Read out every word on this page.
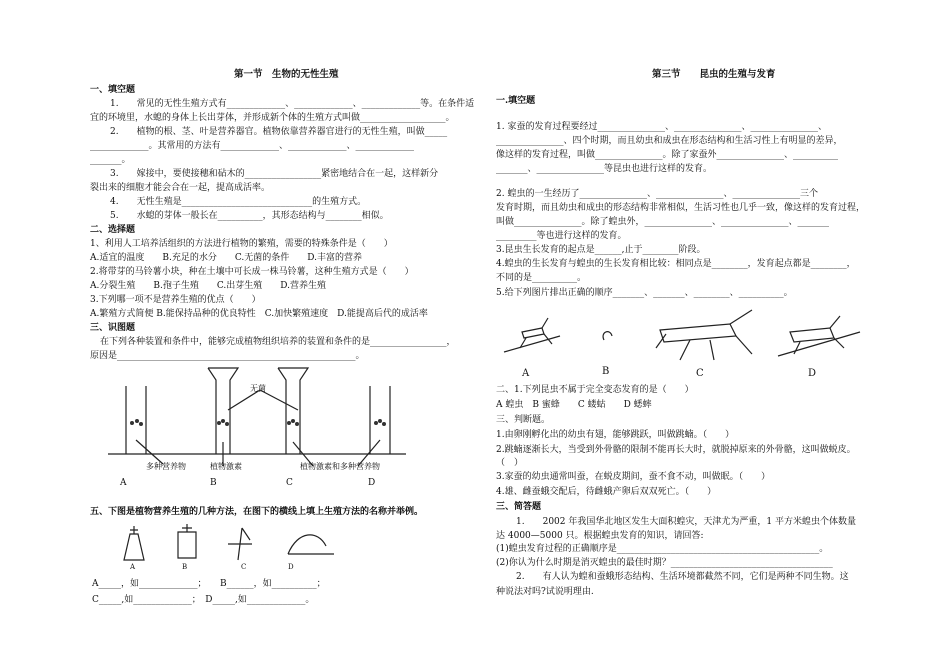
第一节　生物的无性生殖
一、填空题
1.　　常见的无性生殖方式有_____________、_____________、_____________等。在条件适
宜的环境里，水螅的身体上长出芽体，并形成新个体的生殖方式叫做___________________。
2.　　植物的根、茎、叶是营养器官。植物依靠营养器官进行的无性生殖，叫做_____
_____________。其常用的方法有_____________、_____________、_____________
_______。
3.　　嫁接中，要使接穗和砧木的_________________紧密地结合在一起，这样新分
裂出来的细胞才能会合在一起，提高成活率。
4.　　无性生殖是_____________________________的生殖方式。
5.　　水螅的芽体一般长在__________，其形态结构与________相似。
二、选择题
1、利用人工培养活组织的方法进行植物的繁殖，需要的特殊条件是（　　）
A.适宜的温度　　B.充足的水分　　C.无菌的条件　　D.丰富的营养
2.将带芽的马铃薯小块，种在土壤中可长成一株马铃薯，这种生殖方式是（　　）
A.分裂生殖　　B.孢子生殖　　C.出芽生殖　　D.营养生殖
3.下列哪一项不是营养生殖的优点（　　）
A.繁殖方式简便 B.能保持品种的优良特性　C.加快繁殖速度　D.能提高后代的成活率
三、识图题
在下列各种装置和条件中，能够完成植物组织培养的装置和条件的是_________________，
原因是_____________________________________________________。
无菌
多种营养物	植物激素	植物激素和多种营养物
A	B	C	D
五、下图是植物营养生殖的几种方法，在图下的横线上填上生殖方法的名称并举例。
A	B	C	D
A_____，如_____________；　　B______，如__________；
C_____,如_____________；　D_____,如_____________。
第三节　　昆虫的生殖与发育
一.填空题
1. 家蚕的发育过程要经过_______________、_______________、_______________、
_______________、四个时期，而且幼虫和成虫在形态结构和生活习性上有明显的差异，
像这样的发育过程，叫做_______________。除了家蚕外_______________、__________
_______、_______________等昆虫也进行这样的发育。
2. 蝗虫的一生经历了_______________、_______________、_______________三个
发育时期，而且幼虫和成虫的形态结构非常相似，生活习性也几乎一致，像这样的发育过程，
叫做_______________。除了蝗虫外，_______________、_______________、_______
_________等也进行这样的发育。
3.昆虫生长发育的起点是______,止于________阶段。
4.蝗虫的生长发育与蝗虫的生长发育相比较：相同点是________，发育起点都是________，
不同的是__________。
5.给下列图片排出正确的顺序_______、_______、________、__________。
A	B	C	D
二、1.下列昆虫不属于完全变态发育的是（　　）
A 蝗虫　B 蜜蜂　　C 蝼蛄　　D 蟋蟀
三、判断题。
1.由卵刚孵化出的幼虫有翅，能够跳跃，叫做跳蝻。（　　）
2.跳蝻逐渐长大，当受到外骨骼的限制不能再长大时，就脱掉原来的外骨骼，这叫做蜕皮。
（　）
3.家蚕的幼虫通常叫蚕，在蜕皮期间，蚕不食不动，叫做眠。（　　）
4.雄、雌蚕蛾交配后，待雌蛾产卵后双双死亡。（　　）
三、简答题
1.　　2002 年我国华北地区发生大面积蝗灾，天津尤为严重，1 平方米蝗虫个体数量
达 4000—5000 只。根据蝗虫发育的知识，请回答:
(1)蝗虫发育过程的正确顺序是_____________________________________________。
(2)你认为什么时期是消灭蝗虫的最佳时期？____________________________________
2.　　有人认为蝗和蚕蛾形态结构、生活环境都截然不同，它们是两种不同生物。这
种说法对吗?试说明理由.
